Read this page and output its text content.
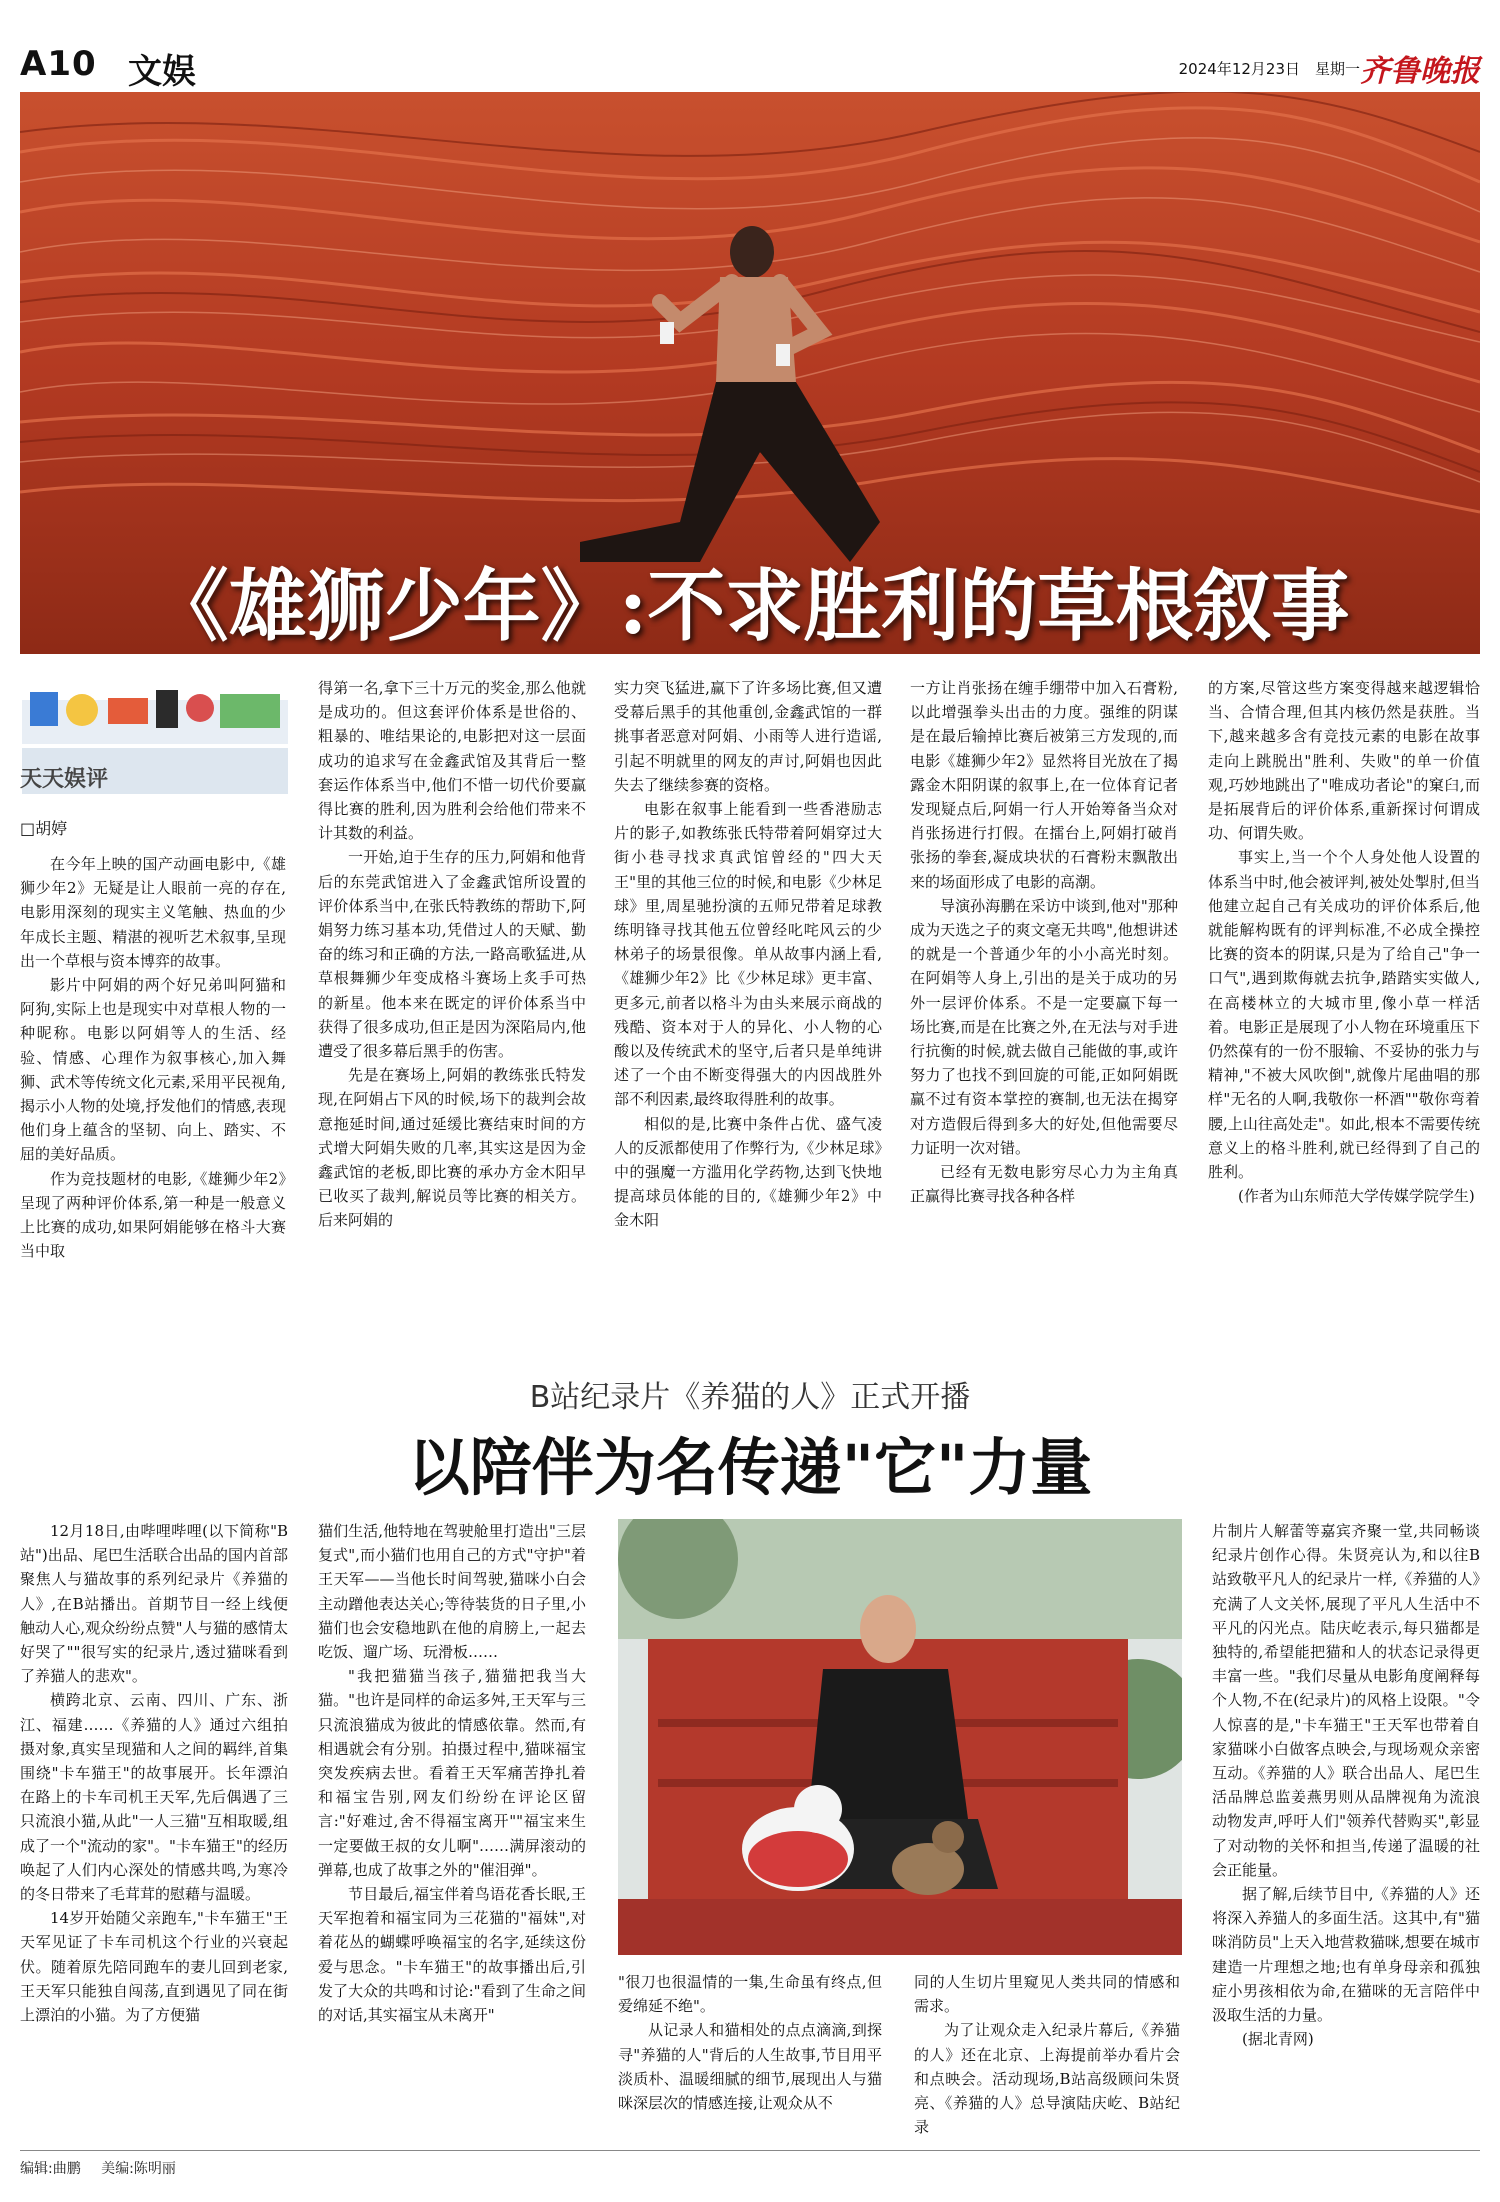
A10 文娱	2024年12月23日 星期一 齐鲁晚报
《雄狮少年》:不求胜利的草根叙事
天天娱评
□胡婷

在今年上映的国产动画电影中,《雄狮少年2》无疑是让人眼前一亮的存在,电影用深刻的现实主义笔触、热血的少年成长主题、精湛的视听艺术叙事,呈现出一个草根与资本博弈的故事。

影片中阿娟的两个好兄弟叫阿猫和阿狗,实际上也是现实中对草根人物的一种昵称。电影以阿娟等人的生活、经验、情感、心理作为叙事核心,加入舞狮、武术等传统文化元素,采用平民视角,揭示小人物的处境,抒发他们的情感,表现他们身上蕴含的坚韧、向上、踏实、不屈的美好品质。

作为竞技题材的电影,《雄狮少年2》呈现了两种评价体系,第一种是一般意义上比赛的成功,如果阿娟能够在格斗大赛当中取

得第一名,拿下三十万元的奖金,那么他就是成功的。但这套评价体系是世俗的、粗暴的、唯结果论的,电影把对这一层面成功的追求写在金鑫武馆及其背后一整套运作体系当中,他们不惜一切代价要赢得比赛的胜利,因为胜利会给他们带来不计其数的利益。

一开始,迫于生存的压力,阿娟和他背后的东莞武馆进入了金鑫武馆所设置的评价体系当中,在张氏特教练的帮助下,阿娟努力练习基本功,凭借过人的天赋、勤奋的练习和正确的方法,一路高歌猛进,从草根舞狮少年变成格斗赛场上炙手可热的新星。他本来在既定的评价体系当中获得了很多成功,但正是因为深陷局内,他遭受了很多幕后黑手的伤害。

先是在赛场上,阿娟的教练张氏特发现,在阿娟占下风的时候,场下的裁判会故意拖延时间,通过延缓比赛结束时间的方式增大阿娟失败的几率,其实这是因为金鑫武馆的老板,即比赛的承办方金木阳早已收买了裁判,解说员等比赛的相关方。后来阿娟的

实力突飞猛进,赢下了许多场比赛,但又遭受幕后黑手的其他重创,金鑫武馆的一群挑事者恶意对阿娟、小雨等人进行造谣,引起不明就里的网友的声讨,阿娟也因此失去了继续参赛的资格。

电影在叙事上能看到一些香港励志片的影子,如教练张氏特带着阿娟穿过大街小巷寻找求真武馆曾经的"四大天王"里的其他三位的时候,和电影《少林足球》里,周星驰扮演的五师兄带着足球教练明锋寻找其他五位曾经叱咤风云的少林弟子的场景很像。单从故事内涵上看,《雄狮少年2》比《少林足球》更丰富、更多元,前者以格斗为由头来展示商战的残酷、资本对于人的异化、小人物的心酸以及传统武术的坚守,后者只是单纯讲述了一个由不断变得强大的内因战胜外部不利因素,最终取得胜利的故事。

相似的是,比赛中条件占优、盛气凌人的反派都使用了作弊行为,《少林足球》中的强魔一方滥用化学药物,达到飞快地提高球员体能的目的,《雄狮少年2》中金木阳

一方让肖张扬在缠手绷带中加入石膏粉,以此增强拳头出击的力度。强维的阴谋是在最后输掉比赛后被第三方发现的,而电影《雄狮少年2》显然将目光放在了揭露金木阳阴谋的叙事上,在一位体育记者发现疑点后,阿娟一行人开始筹备当众对肖张扬进行打假。在擂台上,阿娟打破肖张扬的拳套,凝成块状的石膏粉末飘散出来的场面形成了电影的高潮。

导演孙海鹏在采访中谈到,他对"那种成为天选之子的爽文毫无共鸣",他想讲述的就是一个普通少年的小小高光时刻。在阿娟等人身上,引出的是关于成功的另外一层评价体系。不是一定要赢下每一场比赛,而是在比赛之外,在无法与对手进行抗衡的时候,就去做自己能做的事,或许努力了也找不到回旋的可能,正如阿娟既赢不过有资本掌控的赛制,也无法在揭穿对方造假后得到多大的好处,但他需要尽力证明一次对错。

已经有无数电影穷尽心力为主角真正赢得比赛寻找各种各样

的方案,尽管这些方案变得越来越逻辑恰当、合情合理,但其内核仍然是获胜。当下,越来越多含有竞技元素的电影在故事走向上跳脱出"胜利、失败"的单一价值观,巧妙地跳出了"唯成功者论"的窠臼,而是拓展背后的评价体系,重新探讨何谓成功、何谓失败。

事实上,当一个个人身处他人设置的体系当中时,他会被评判,被处处掣肘,但当他建立起自己有关成功的评价体系后,他就能解构既有的评判标准,不必成全操控比赛的资本的阴谋,只是为了给自己"争一口气",遇到欺侮就去抗争,踏踏实实做人,在高楼林立的大城市里,像小草一样活着。电影正是展现了小人物在环境重压下仍然葆有的一份不服输、不妥协的张力与精神,"不被大风吹倒",就像片尾曲唱的那样"无名的人啊,我敬你一杯酒""敬你弯着腰,上山往高处走"。如此,根本不需要传统意义上的格斗胜利,就已经得到了自己的胜利。

(作者为山东师范大学传媒学院学生)

B站纪录片《养猫的人》正式开播
以陪伴为名传递"它"力量

12月18日,由哔哩哔哩(以下简称"B站")出品、尾巴生活联合出品的国内首部聚焦人与猫故事的系列纪录片《养猫的人》,在B站播出。首期节目一经上线便触动人心,观众纷纷点赞"人与猫的感情太好哭了""很写实的纪录片,透过猫咪看到了养猫人的悲欢"。

横跨北京、云南、四川、广东、浙江、福建……《养猫的人》通过六组拍摄对象,真实呈现猫和人之间的羁绊,首集围绕"卡车猫王"的故事展开。长年漂泊在路上的卡车司机王天军,先后偶遇了三只流浪小猫,从此"一人三猫"互相取暖,组成了一个"流动的家"。"卡车猫王"的经历唤起了人们内心深处的情感共鸣,为寒冷的冬日带来了毛茸茸的慰藉与温暖。

14岁开始随父亲跑车,"卡车猫王"王天军见证了卡车司机这个行业的兴衰起伏。随着原先陪同跑车的妻儿回到老家,王天军只能独自闯荡,直到遇见了同在街上漂泊的小猫。为了方便猫

猫们生活,他特地在驾驶舱里打造出"三层复式",而小猫们也用自己的方式"守护"着王天军——当他长时间驾驶,猫咪小白会主动蹭他表达关心;等待装货的日子里,小猫们也会安稳地趴在他的肩膀上,一起去吃饭、遛广场、玩滑板……

"我把猫猫当孩子,猫猫把我当大猫。"也许是同样的命运多舛,王天军与三只流浪猫成为彼此的情感依靠。然而,有相遇就会有分别。拍摄过程中,猫咪福宝突发疾病去世。看着王天军痛苦挣扎着和福宝告别,网友们纷纷在评论区留言:"好难过,舍不得福宝离开""福宝来生一定要做王叔的女儿啊"……满屏滚动的弹幕,也成了故事之外的"催泪弹"。

节目最后,福宝伴着鸟语花香长眠,王天军抱着和福宝同为三花猫的"福妹",对着花丛的蝴蝶呼唤福宝的名字,延续这份爱与思念。"卡车猫王"的故事播出后,引发了大众的共鸣和讨论:"看到了生命之间的对话,其实福宝从未离开"

"很刀也很温情的一集,生命虽有终点,但爱绵延不绝"。

从记录人和猫相处的点点滴滴,到探寻"养猫的人"背后的人生故事,节目用平淡质朴、温暖细腻的细节,展现出人与猫咪深层次的情感连接,让观众从不

同的人生切片里窥见人类共同的情感和需求。

为了让观众走入纪录片幕后,《养猫的人》还在北京、上海提前举办看片会和点映会。活动现场,B站高级顾问朱贤亮、《养猫的人》总导演陆庆屹、B站纪录

片制片人解蕾等嘉宾齐聚一堂,共同畅谈纪录片创作心得。朱贤亮认为,和以往B站致敬平凡人的纪录片一样,《养猫的人》充满了人文关怀,展现了平凡人生活中不平凡的闪光点。陆庆屹表示,每只猫都是独特的,希望能把猫和人的状态记录得更丰富一些。"我们尽量从电影角度阐释每个人物,不在(纪录片)的风格上设限。"令人惊喜的是,"卡车猫王"王天军也带着自家猫咪小白做客点映会,与现场观众亲密互动。《养猫的人》联合出品人、尾巴生活品牌总监姜燕男则从品牌视角为流浪动物发声,呼吁人们"领养代替购买",彰显了对动物的关怀和担当,传递了温暖的社会正能量。

据了解,后续节目中,《养猫的人》还将深入养猫人的多面生活。这其中,有"猫咪消防员"上天入地营救猫咪,想要在城市建造一片理想之地;也有单身母亲和孤独症小男孩相依为命,在猫咪的无言陪伴中汲取生活的力量。

(据北青网)

编辑:曲鹏 美编:陈明丽
